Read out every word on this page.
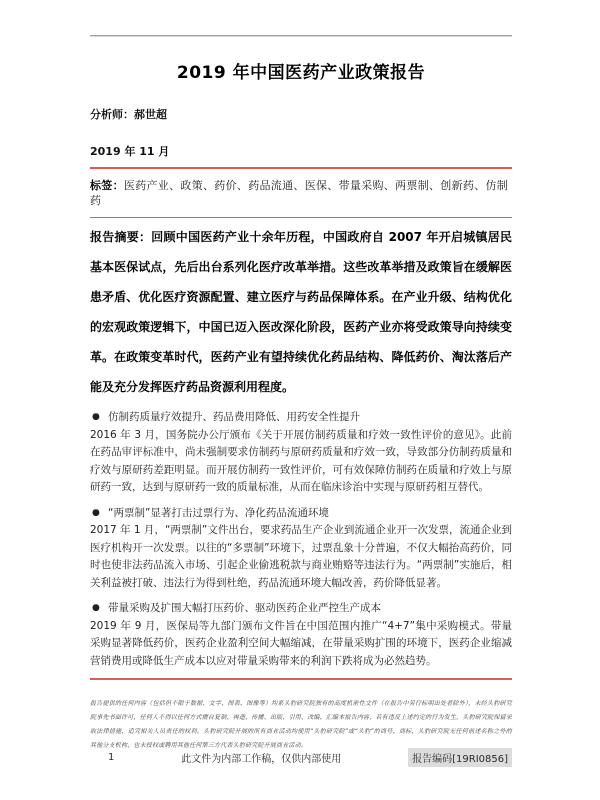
2019 年中国医药产业政策报告

分析师：郝世超

2019 年 11 月

标签：医药产业、政策、药价、药品流通、医保、带量采购、两票制、创新药、仿制药

报告摘要：回顾中国医药产业十余年历程，中国政府自 2007 年开启城镇居民基本医保试点，先后出台系列化医疗改革举措。这些改革举措及政策旨在缓解医患矛盾、优化医疗资源配置、建立医疗与药品保障体系。在产业升级、结构优化的宏观政策逻辑下，中国已迈入医改深化阶段，医药产业亦将受政策导向持续变革。在政策变革时代，医药产业有望持续优化药品结构、降低药价、淘汰落后产能及充分发挥医疗药品资源利用程度。

● 仿制药质量疗效提升、药品费用降低、用药安全性提升
2016 年 3 月，国务院办公厅颁布《关于开展仿制药质量和疗效一致性评价的意见》。此前在药品审评标准中，尚未强制要求仿制药与原研药质量和疗效一致，导致部分仿制药质量和疗效与原研药差距明显。而开展仿制药一致性评价，可有效保障仿制药在质量和疗效上与原研药一致，达到与原研药一致的质量标准，从而在临床诊治中实现与原研药相互替代。
● “两票制”显著打击过票行为、净化药品流通环境
2017 年 1 月，“两票制”文件出台，要求药品生产企业到流通企业开一次发票，流通企业到医疗机构开一次发票。以往的“多票制”环境下，过票乱象十分普遍，不仅大幅抬高药价，同时也使非法药品流入市场、引起企业偷逃税款与商业贿赂等违法行为。“两票制”实施后，相关利益被打破、违法行为得到杜绝，药品流通环境大幅改善，药价降低显著。
● 带量采购及扩围大幅打压药价、驱动医药企业严控生产成本
2019 年 9 月，医保局等九部门颁布文件旨在中国范围内推广“4+7”集中采购模式。带量采购显著降低药价，医药企业盈利空间大幅缩减，在带量采购扩围的环境下，医药企业缩减营销费用或降低生产成本以应对带量采购带来的利润下跌将成为必然趋势。

报告提供的任何内容（包括但不限于数据、文字、图表、图像等）均系头豹研究院独有的高度机密性文件（在报告中另行标明出处者除外），未经头豹研究院事先书面许可，任何人不得以任何方式擅自复制、再造、传播、出版、引用、改编、汇编本报告内容，若有违反上述约定的行为发生，头豹研究院保留采取法律措施、追究相关人员责任的权利。头豹研究院开展的所有商业活动均使用“头豹研究院”或“头豹”的商号、商标，头豹研究院无任何前述名称之外的其他分支机构，也未授权或聘用其他任何第三方代表头豹研究院开展商业活动。

1	此文件为内部工作稿，仅供内部使用	报告编码[19RI0856]
